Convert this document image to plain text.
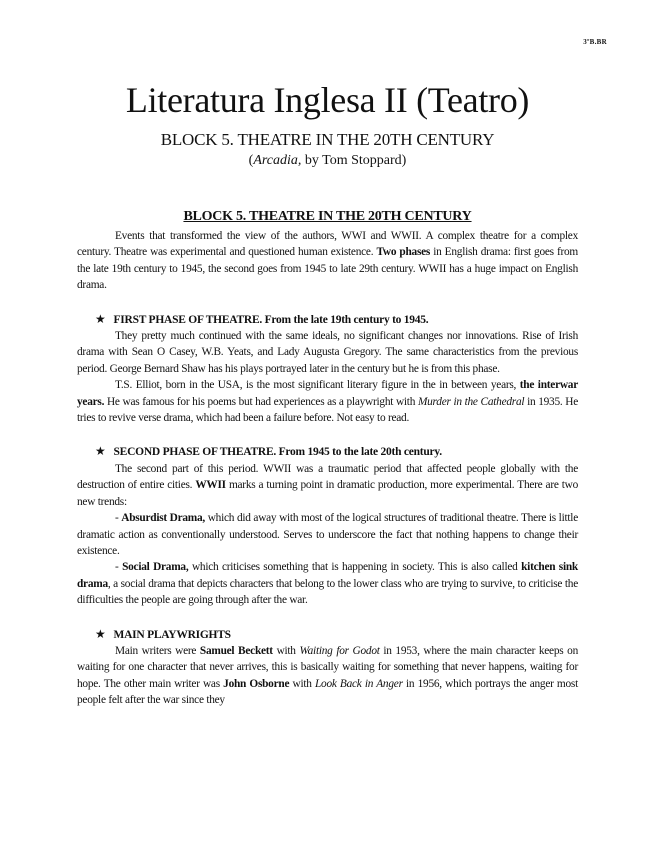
3ºB.BR
Literatura Inglesa II (Teatro)
BLOCK 5. THEATRE IN THE 20TH CENTURY
(Arcadia, by Tom Stoppard)
BLOCK 5. THEATRE IN THE 20TH CENTURY

Events that transformed the view of the authors, WWI and WWII. A complex theatre for a complex century. Theatre was experimental and questioned human existence. Two phases in English drama: first goes from the late 19th century to 1945, the second goes from 1945 to late 29th century. WWII has a huge impact on English drama.

★ FIRST PHASE OF THEATRE. From the late 19th century to 1945.

They pretty much continued with the same ideals, no significant changes nor innovations. Rise of Irish drama with Sean O Casey, W.B. Yeats, and Lady Augusta Gregory. The same characteristics from the previous period. George Bernard Shaw has his plays portrayed later in the century but he is from this phase.

T.S. Elliot, born in the USA, is the most significant literary figure in the in between years, the interwar years. He was famous for his poems but had experiences as a playwright with Murder in the Cathedral in 1935. He tries to revive verse drama, which had been a failure before. Not easy to read.

★ SECOND PHASE OF THEATRE. From 1945 to the late 20th century.

The second part of this period. WWII was a traumatic period that affected people globally with the destruction of entire cities. WWII marks a turning point in dramatic production, more experimental. There are two new trends:

- Absurdist Drama, which did away with most of the logical structures of traditional theatre. There is little dramatic action as conventionally understood. Serves to underscore the fact that nothing happens to change their existence.

- Social Drama, which criticises something that is happening in society. This is also called kitchen sink drama, a social drama that depicts characters that belong to the lower class who are trying to survive, to criticise the difficulties the people are going through after the war.

★ MAIN PLAYWRIGHTS

Main writers were Samuel Beckett with Waiting for Godot in 1953, where the main character keeps on waiting for one character that never arrives, this is basically waiting for something that never happens, waiting for hope. The other main writer was John Osborne with Look Back in Anger in 1956, which portrays the anger most people felt after the war since they
